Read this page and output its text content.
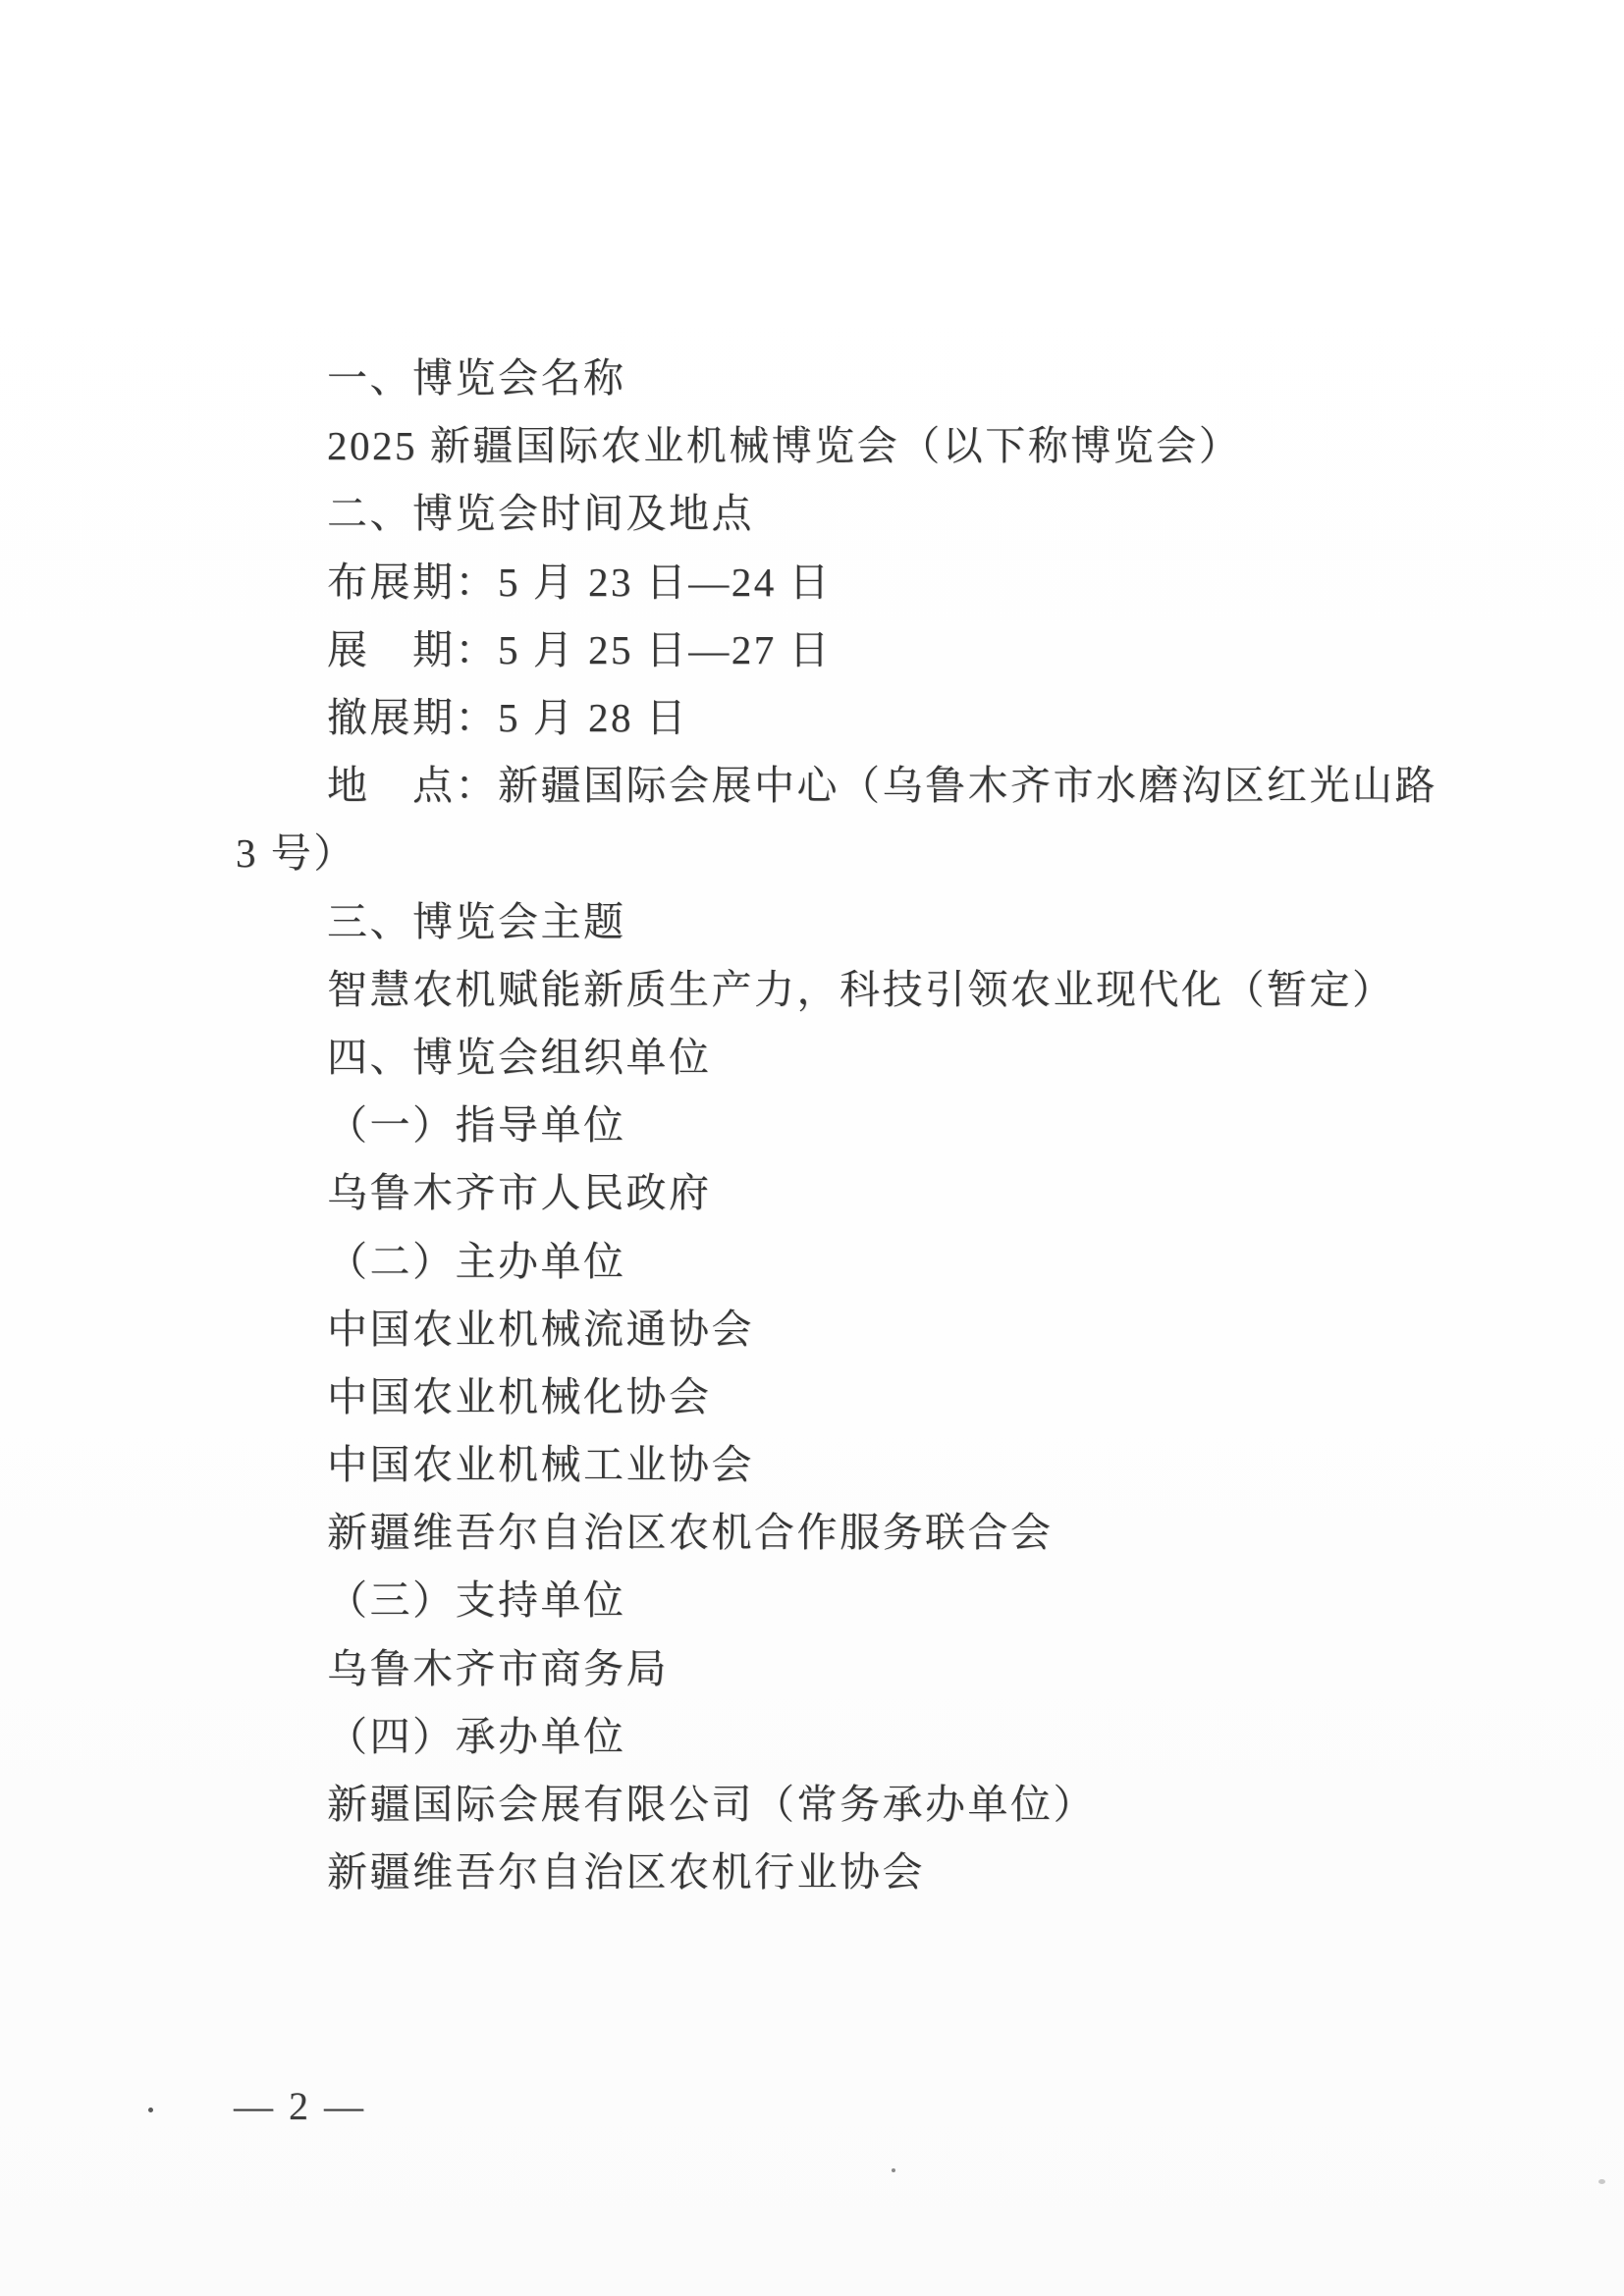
一、博览会名称
2025 新疆国际农业机械博览会（以下称博览会）
二、博览会时间及地点
布展期：5 月 23 日—24 日
展　期：5 月 25 日—27 日
撤展期：5 月 28 日
地　点：新疆国际会展中心（乌鲁木齐市水磨沟区红光山路
3 号）
三、博览会主题
智慧农机赋能新质生产力，科技引领农业现代化（暂定）
四、博览会组织单位
（一）指导单位
乌鲁木齐市人民政府
（二）主办单位
中国农业机械流通协会
中国农业机械化协会
中国农业机械工业协会
新疆维吾尔自治区农机合作服务联合会
（三）支持单位
乌鲁木齐市商务局
（四）承办单位
新疆国际会展有限公司（常务承办单位）
新疆维吾尔自治区农机行业协会
— 2 —
